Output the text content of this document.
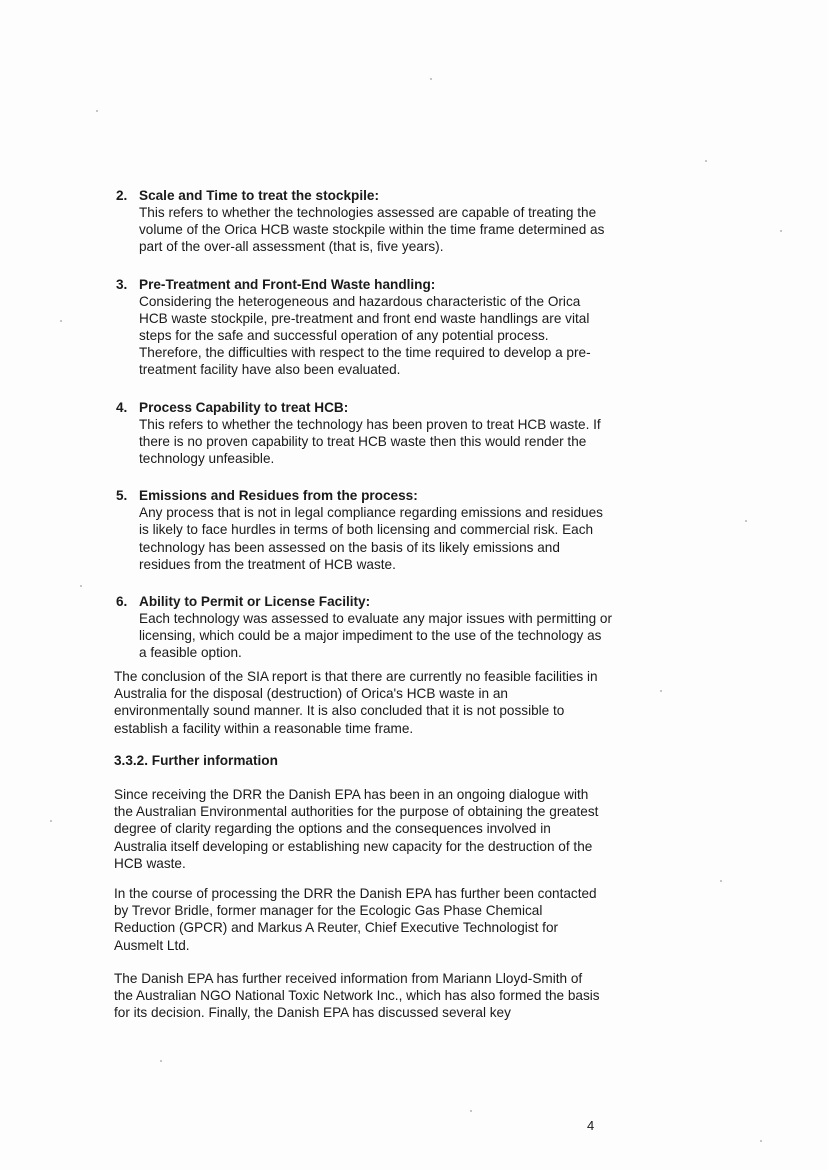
2. Scale and Time to treat the stockpile:

This refers to whether the technologies assessed are capable of treating the volume of the Orica HCB waste stockpile within the time frame determined as part of the over-all assessment (that is, five years).

3. Pre-Treatment and Front-End Waste handling:

Considering the heterogeneous and hazardous characteristic of the Orica HCB waste stockpile, pre-treatment and front end waste handlings are vital steps for the safe and successful operation of any potential process. Therefore, the difficulties with respect to the time required to develop a pre-treatment facility have also been evaluated.

4. Process Capability to treat HCB:

This refers to whether the technology has been proven to treat HCB waste. If there is no proven capability to treat HCB waste then this would render the technology unfeasible.

5. Emissions and Residues from the process:

Any process that is not in legal compliance regarding emissions and residues is likely to face hurdles in terms of both licensing and commercial risk. Each technology has been assessed on the basis of its likely emissions and residues from the treatment of HCB waste.

6. Ability to Permit or License Facility:

Each technology was assessed to evaluate any major issues with permitting or licensing, which could be a major impediment to the use of the technology as a feasible option.

The conclusion of the SIA report is that there are currently no feasible facilities in Australia for the disposal (destruction) of Orica's HCB waste in an environmentally sound manner. It is also concluded that it is not possible to establish a facility within a reasonable time frame.

3.3.2. Further information

Since receiving the DRR the Danish EPA has been in an ongoing dialogue with the Australian Environmental authorities for the purpose of obtaining the greatest degree of clarity regarding the options and the consequences involved in Australia itself developing or establishing new capacity for the destruction of the HCB waste.

In the course of processing the DRR the Danish EPA has further been contacted by Trevor Bridle, former manager for the Ecologic Gas Phase Chemical Reduction (GPCR) and Markus A Reuter, Chief Executive Technologist for Ausmelt Ltd.

The Danish EPA has further received information from Mariann Lloyd-Smith of the Australian NGO National Toxic Network Inc., which has also formed the basis for its decision. Finally, the Danish EPA has discussed several key

4
